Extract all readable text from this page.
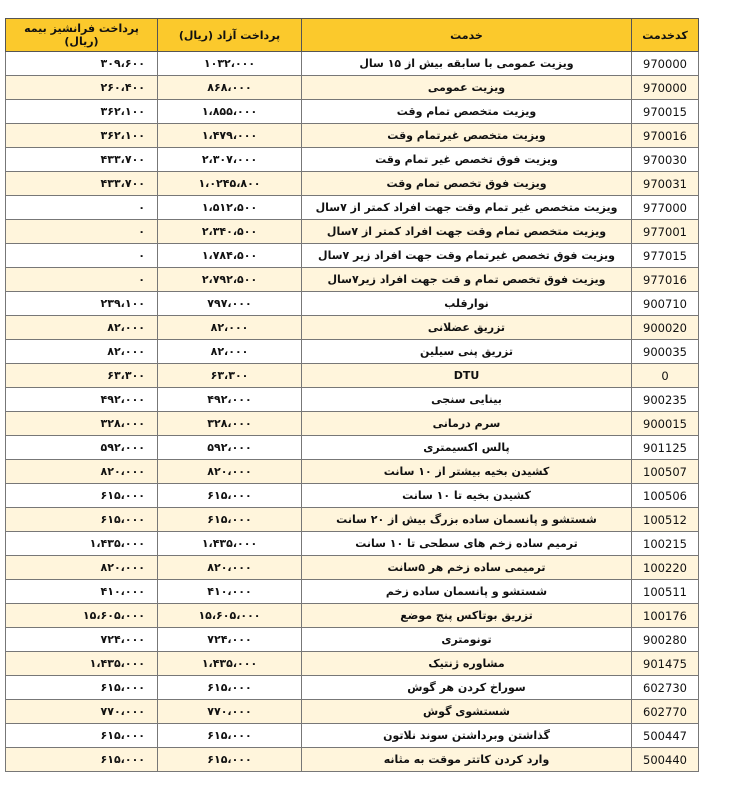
کدخدمت	خدمت	پرداخت آزاد (ریال)	پرداخت فرانشیز بیمه (ریال)
970000	ویزیت عمومی با سابقه بیش از ۱۵ سال	۱۰۳۲،۰۰۰	۳۰۹،۶۰۰
970000	ویزیت عمومی	۸۶۸،۰۰۰	۲۶۰،۴۰۰
970015	ویزیت متخصص تمام وقت	۱،۸۵۵،۰۰۰	۳۶۲،۱۰۰
970016	ویزیت متخصص غیرتمام وقت	۱،۴۷۹،۰۰۰	۳۶۲،۱۰۰
970030	ویزیت فوق تخصص غیر تمام وقت	۲،۳۰۷،۰۰۰	۴۳۳،۷۰۰
970031	ویزیت فوق تخصص تمام وقت	۱،۰۲۴۵،۸۰۰	۴۳۳،۷۰۰
977000	ویزیت متخصص غیر تمام وقت جهت افراد کمتر از ۷سال	۱،۵۱۲،۵۰۰	۰
977001	ویزیت متخصص تمام وقت جهت افراد کمتر از ۷سال	۲،۳۴۰،۵۰۰	۰
977015	ویزیت فوق تخصص غیرتمام وقت جهت افراد زیر ۷سال	۱،۷۸۴،۵۰۰	۰
977016	ویزیت فوق تخصص تمام و قت جهت افراد زیر۷سال	۲،۷۹۲،۵۰۰	۰
900710	نوارقلب	۷۹۷،۰۰۰	۲۳۹،۱۰۰
900020	تزریق عضلانی	۸۲،۰۰۰	۸۲،۰۰۰
900035	تزریق پنی سیلین	۸۲،۰۰۰	۸۲،۰۰۰
0	DTU	۶۳،۳۰۰	۶۳،۳۰۰
900235	بینایی سنجی	۴۹۲،۰۰۰	۴۹۲،۰۰۰
900015	سرم درمانی	۳۲۸،۰۰۰	۳۲۸،۰۰۰
901125	پالس اکسیمتری	۵۹۲،۰۰۰	۵۹۲،۰۰۰
100507	کشیدن بخیه بیشتر از ۱۰ سانت	۸۲۰،۰۰۰	۸۲۰،۰۰۰
100506	کشیدن بخیه تا ۱۰ سانت	۶۱۵،۰۰۰	۶۱۵،۰۰۰
100512	شستشو و پانسمان ساده بزرگ بیش از ۲۰ سانت	۶۱۵،۰۰۰	۶۱۵،۰۰۰
100215	ترمیم ساده زخم های سطحی تا ۱۰ سانت	۱،۴۳۵،۰۰۰	۱،۴۳۵،۰۰۰
100220	ترمیمی ساده زخم هر ۵سانت	۸۲۰،۰۰۰	۸۲۰،۰۰۰
100511	شستشو و پانسمان ساده زخم	۴۱۰،۰۰۰	۴۱۰،۰۰۰
100176	تزریق بوتاکس پنج موضع	۱۵،۶۰۵،۰۰۰	۱۵،۶۰۵،۰۰۰
900280	تونومتری	۷۲۴،۰۰۰	۷۲۴،۰۰۰
901475	مشاوره ژنتیک	۱،۴۳۵،۰۰۰	۱،۴۳۵،۰۰۰
602730	سوراخ کردن هر گوش	۶۱۵،۰۰۰	۶۱۵،۰۰۰
602770	شستشوی گوش	۷۷۰،۰۰۰	۷۷۰،۰۰۰
500447	گذاشتن وبرداشتن سوند نلاتون	۶۱۵،۰۰۰	۶۱۵،۰۰۰
500440	وارد کردن کاتتر موقت به مثانه	۶۱۵،۰۰۰	۶۱۵،۰۰۰
